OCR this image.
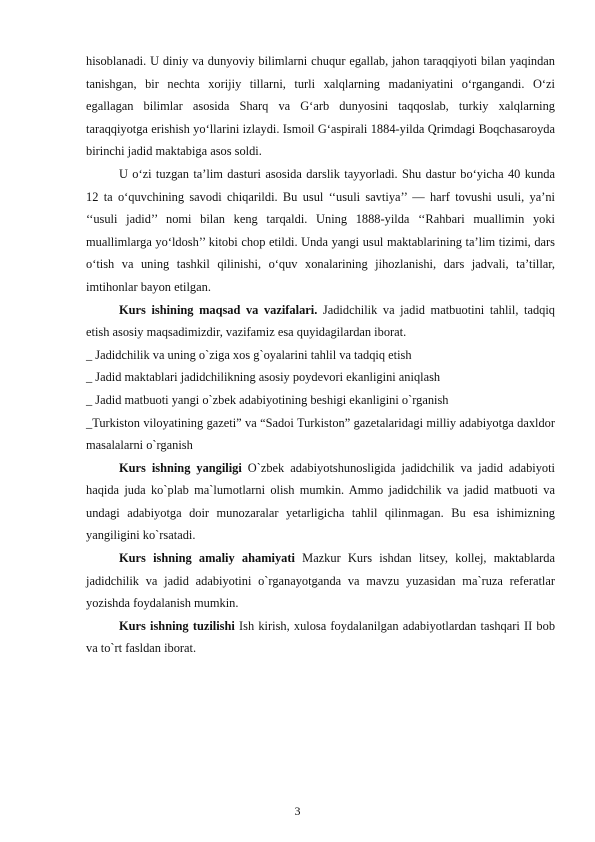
hisoblanadi. U diniy va dunyoviy bilimlarni chuqur egallab, jahon taraqqiyoti bilan yaqindan tanishgan, bir nechta xorijiy tillarni, turli xalqlarning madaniyatini o‘rgangandi. O‘zi egallagan bilimlar asosida Sharq va G‘arb dunyosini taqqoslab, turkiy xalqlarning taraqqiyotga erishish yo‘llarini izlaydi. Ismoil G‘aspirali 1884-yilda Qrimdagi Boqchasaroyda birinchi jadid maktabiga asos soldi.

U o‘zi tuzgan ta’lim dasturi asosida darslik tayyorladi. Shu dastur bo‘yicha 40 kunda 12 ta o‘quvchining savodi chiqarildi. Bu usul ‘‘usuli savtiya’’ — harf tovushi usuli, ya’ni ‘‘usuli jadid’’ nomi bilan keng tarqaldi. Uning 1888-yilda ‘‘Rahbari muallimin yoki muallimlarga yo‘ldosh’’ kitobi chop etildi. Unda yangi usul maktablarining ta’lim tizimi, dars o‘tish va uning tashkil qilinishi, o‘quv xonalarining jihozlanishi, dars jadvali, ta’tillar, imtihonlar bayon etilgan.

Kurs ishining maqsad va vazifalari. Jadidchilik va jadid matbuotini tahlil, tadqiq etish asosiy maqsadimizdir, vazifamiz esa quyidagilardan iborat.

_ Jadidchilik va uning o`ziga xos g`oyalarini tahlil va tadqiq etish

_ Jadid maktablari jadidchilikning asosiy poydevori ekanligini aniqlash

_ Jadid matbuoti yangi o`zbek adabiyotining beshigi ekanligini o`rganish

_Turkiston viloyatining gazeti” va “Sadoi Turkiston” gazetalaridagi milliy adabiyotga daxldor masalalarni o`rganish

Kurs ishning yangiligi O`zbek adabiyotshunosligida jadidchilik va jadid adabiyoti haqida juda ko`plab ma`lumotlarni olish mumkin. Ammo jadidchilik va jadid matbuoti va undagi adabiyotga doir munozaralar yetarligicha tahlil qilinmagan. Bu esa ishimizning yangiligini ko`rsatadi.

Kurs ishning amaliy ahamiyati Mazkur Kurs ishdan litsey, kollej, maktablarda jadidchilik va jadid adabiyotini o`rganayotganda va mavzu yuzasidan ma`ruza referatlar yozishda foydalanish mumkin.

Kurs ishning tuzilishi Ish kirish, xulosa foydalanilgan adabiyotlardan tashqari II bob va to`rt fasldan iborat.

3
